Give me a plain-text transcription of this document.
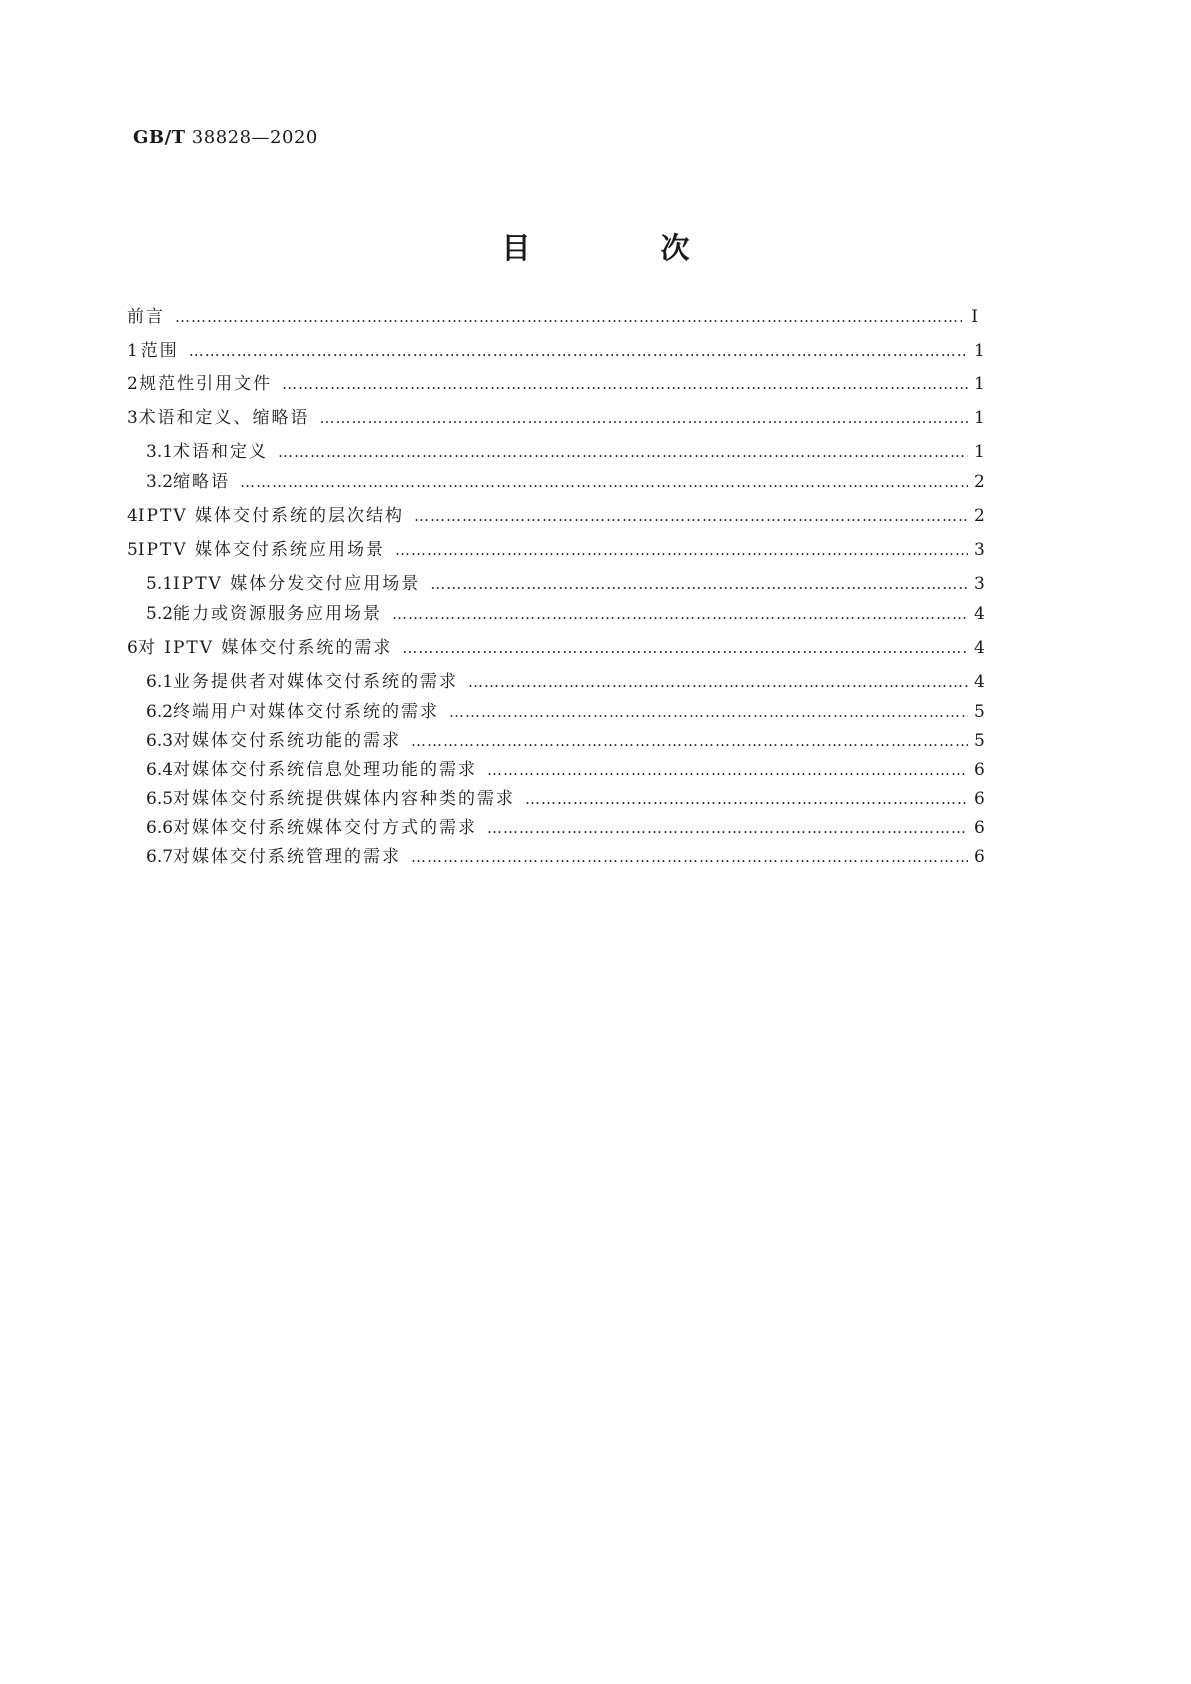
GB/T 38828—2020
目 次
前言 …………………………………………………………………………………………………………………………………………………………………………………………………………………………………………………………………………………………	Ⅰ
1 范围 …………………………………………………………………………………………………………………………………………………………………………………………………………………………………………………………………………………………	1
2 规范性引用文件 …………………………………………………………………………………………………………………………………………………………………………………………………………………………………………………………………………………………	1
3 术语和定义、缩略语 …………………………………………………………………………………………………………………………………………………………………………………………………………………………………………………………………………………………	1
3.1 术语和定义 …………………………………………………………………………………………………………………………………………………………………………………………………………………………………………………………………………………………	1
3.2 缩略语 …………………………………………………………………………………………………………………………………………………………………………………………………………………………………………………………………………………………	2
4 IPTV 媒体交付系统的层次结构 …………………………………………………………………………………………………………………………………………………………………………………………………………………………………………………………………………………………	2
5 IPTV 媒体交付系统应用场景 …………………………………………………………………………………………………………………………………………………………………………………………………………………………………………………………………………………………	3
5.1 IPTV 媒体分发交付应用场景 …………………………………………………………………………………………………………………………………………………………………………………………………………………………………………………………………………………………	3
5.2 能力或资源服务应用场景 …………………………………………………………………………………………………………………………………………………………………………………………………………………………………………………………………………………………	4
6 对 IPTV 媒体交付系统的需求 …………………………………………………………………………………………………………………………………………………………………………………………………………………………………………………………………………………………	4
6.1 业务提供者对媒体交付系统的需求 …………………………………………………………………………………………………………………………………………………………………………………………………………………………………………………………………………………………	4
6.2 终端用户对媒体交付系统的需求 …………………………………………………………………………………………………………………………………………………………………………………………………………………………………………………………………………………………	5
6.3 对媒体交付系统功能的需求 …………………………………………………………………………………………………………………………………………………………………………………………………………………………………………………………………………………………	5
6.4 对媒体交付系统信息处理功能的需求 …………………………………………………………………………………………………………………………………………………………………………………………………………………………………………………………………………………………	6
6.5 对媒体交付系统提供媒体内容种类的需求 …………………………………………………………………………………………………………………………………………………………………………………………………………………………………………………………………………………………	6
6.6 对媒体交付系统媒体交付方式的需求 …………………………………………………………………………………………………………………………………………………………………………………………………………………………………………………………………………………………	6
6.7 对媒体交付系统管理的需求 …………………………………………………………………………………………………………………………………………………………………………………………………………………………………………………………………………………………	6
